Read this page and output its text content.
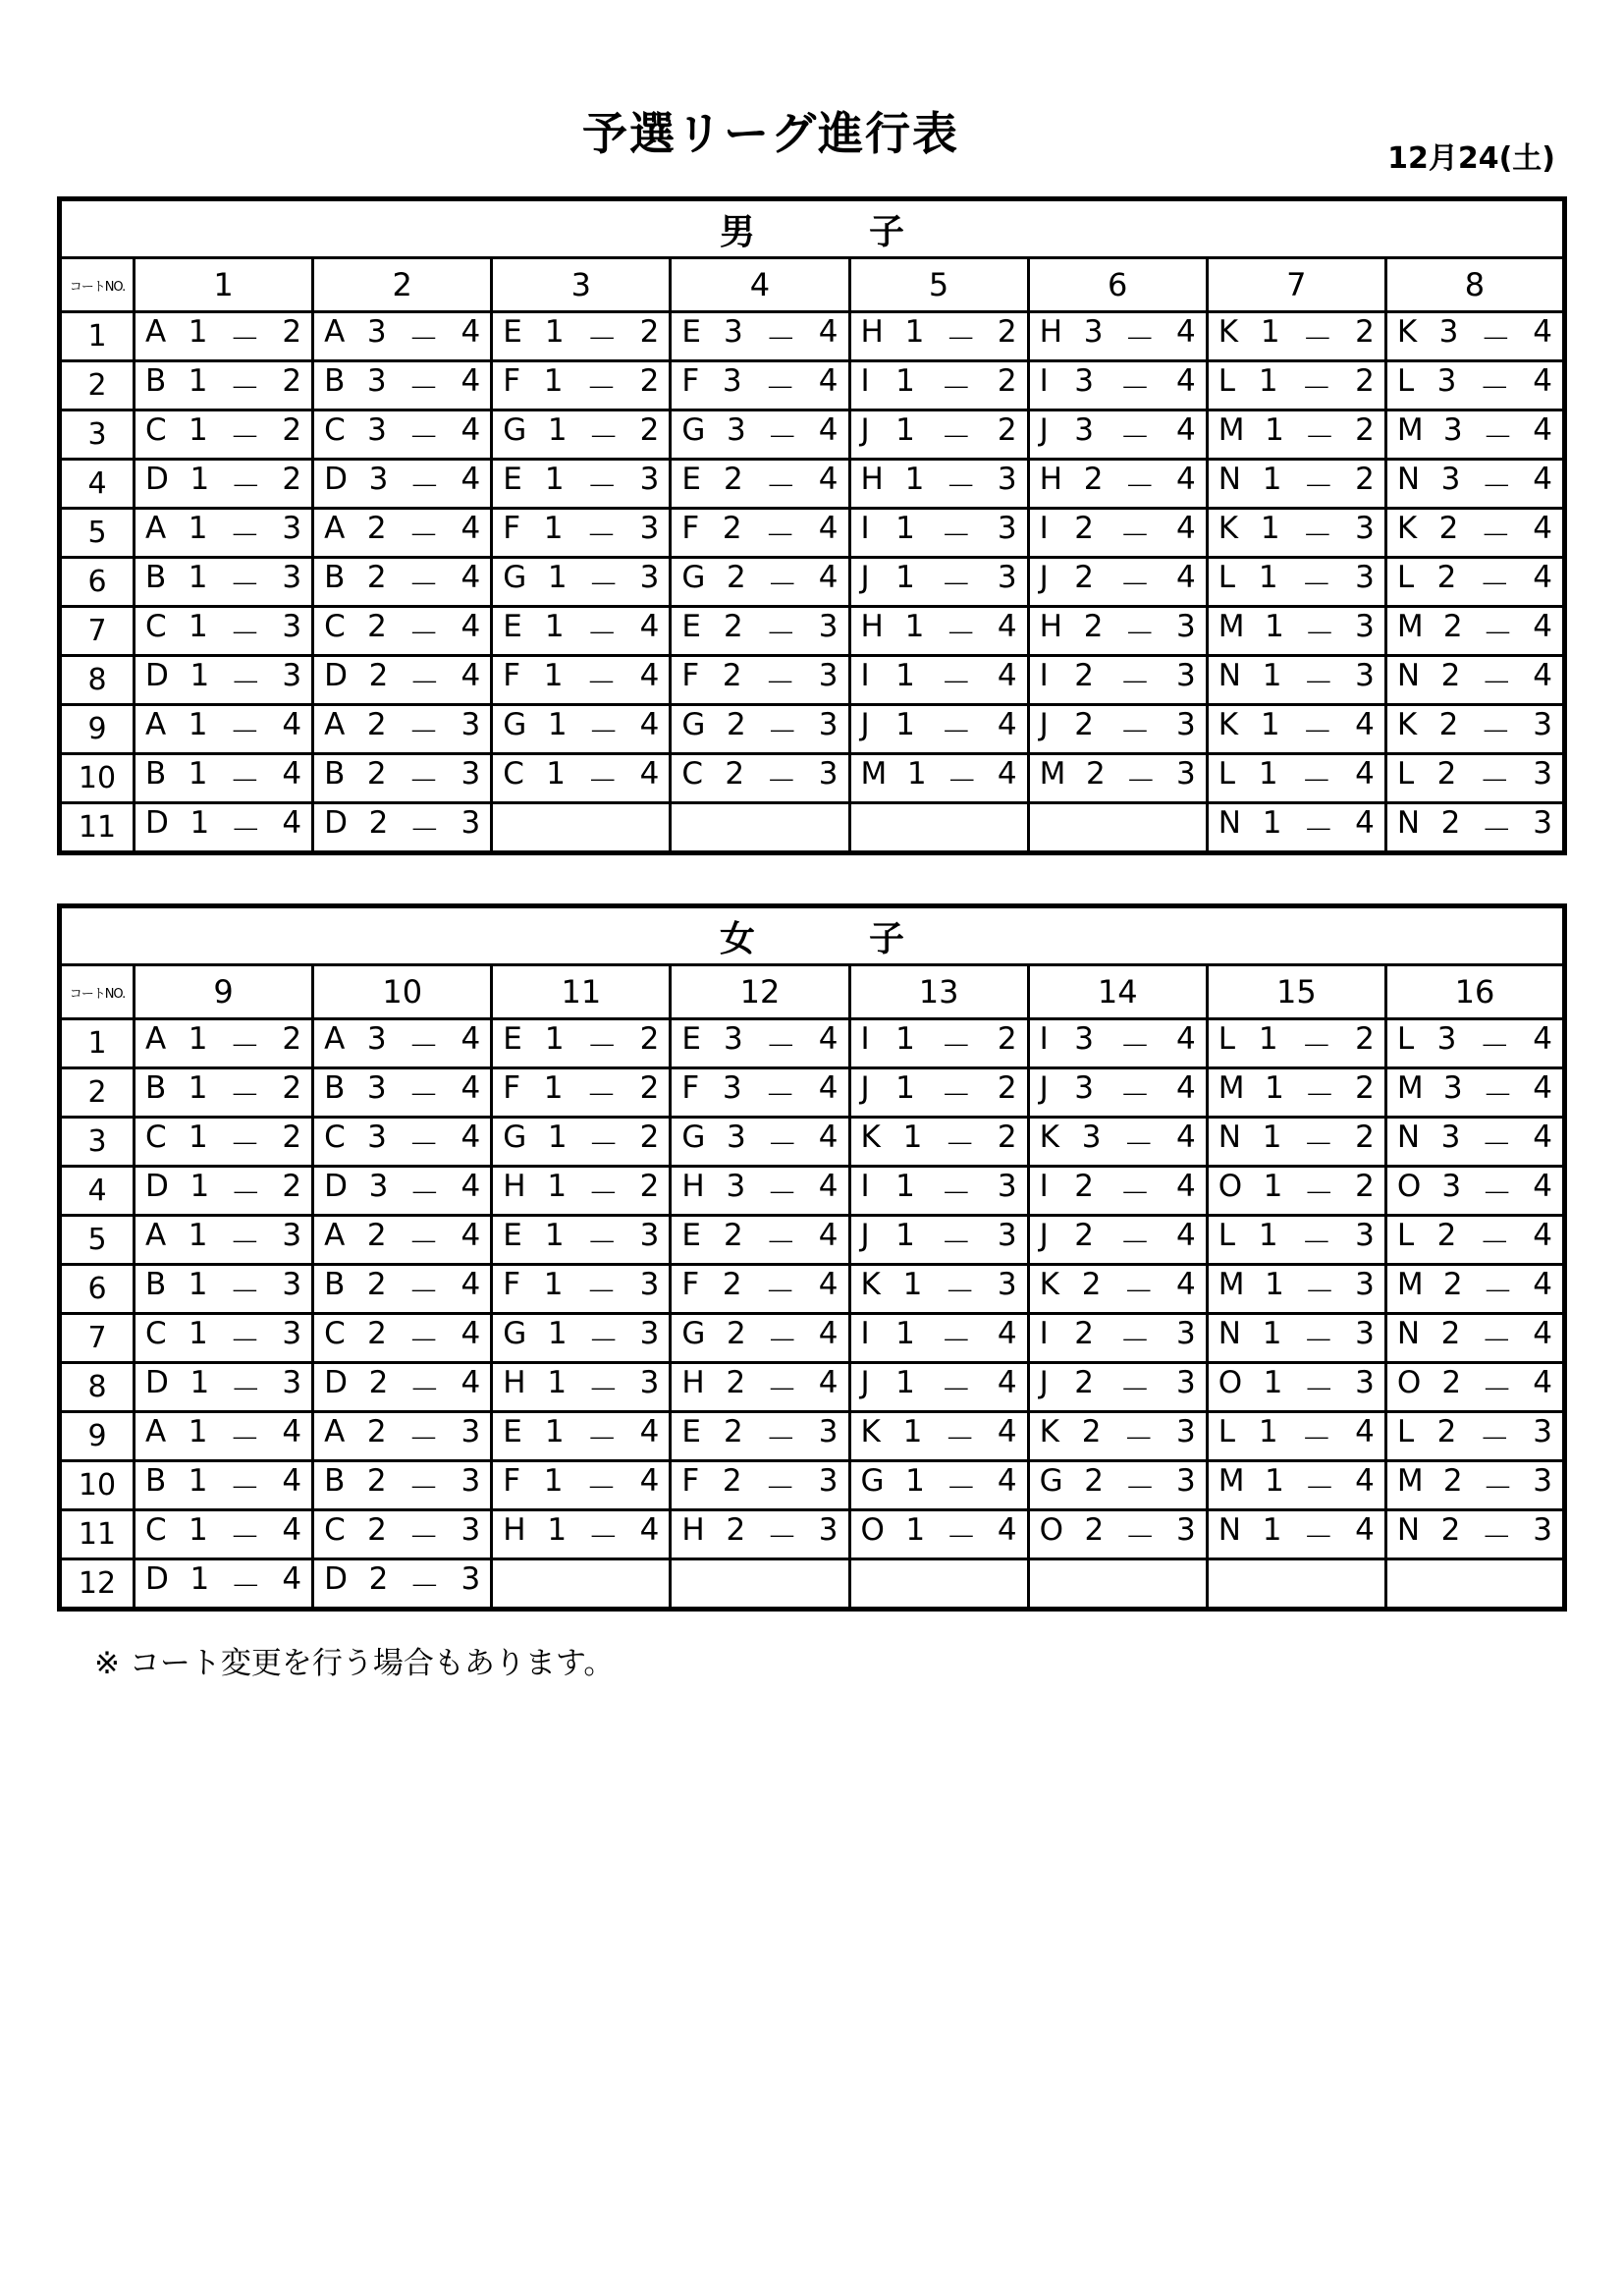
予選リーグ進行表	12月24(土)
男　子								
コートNO.	1	2	3	4	5	6	7	8
1	A 1 － 2	A 3 － 4	E 1 － 2	E 3 － 4	H 1 － 2	H 3 － 4	K 1 － 2	K 3 － 4

2	B 1 － 2	B 3 － 4	F 1 － 2	F 3 － 4	I 1 － 2	I 3 － 4	L 1 － 2	L 3 － 4

3	C 1 － 2	C 3 － 4	G 1 － 2	G 3 － 4	J 1 － 2	J 3 － 4	M 1 － 2	M 3 － 4

4	D 1 － 2	D 3 － 4	E 1 － 3	E 2 － 4	H 1 － 3	H 2 － 4	N 1 － 2	N 3 － 4

5	A 1 － 3	A 2 － 4	F 1 － 3	F 2 － 4	I 1 － 3	I 2 － 4	K 1 － 3	K 2 － 4

6	B 1 － 3	B 2 － 4	G 1 － 3	G 2 － 4	J 1 － 3	J 2 － 4	L 1 － 3	L 2 － 4

7	C 1 － 3	C 2 － 4	E 1 － 4	E 2 － 3	H 1 － 4	H 2 － 3	M 1 － 3	M 2 － 4

8	D 1 － 3	D 2 － 4	F 1 － 4	F 2 － 3	I 1 － 4	I 2 － 3	N 1 － 3	N 2 － 4

9	A 1 － 4	A 2 － 3	G 1 － 4	G 2 － 3	J 1 － 4	J 2 － 3	K 1 － 4	K 2 － 3

10	B 1 － 4	B 2 － 3	C 1 － 4	C 2 － 3	M 1 － 4	M 2 － 3	L 1 － 4	L 2 － 3

11	D 1 － 4	D 2 － 3					N 1 － 4	N 2 － 3
女　子								
コートNO.	9	10	11	12	13	14	15	16
1	A 1 － 2	A 3 － 4	E 1 － 2	E 3 － 4	I 1 － 2	I 3 － 4	L 1 － 2	L 3 － 4

2	B 1 － 2	B 3 － 4	F 1 － 2	F 3 － 4	J 1 － 2	J 3 － 4	M 1 － 2	M 3 － 4

3	C 1 － 2	C 3 － 4	G 1 － 2	G 3 － 4	K 1 － 2	K 3 － 4	N 1 － 2	N 3 － 4

4	D 1 － 2	D 3 － 4	H 1 － 2	H 3 － 4	I 1 － 3	I 2 － 4	O 1 － 2	O 3 － 4

5	A 1 － 3	A 2 － 4	E 1 － 3	E 2 － 4	J 1 － 3	J 2 － 4	L 1 － 3	L 2 － 4

6	B 1 － 3	B 2 － 4	F 1 － 3	F 2 － 4	K 1 － 3	K 2 － 4	M 1 － 3	M 2 － 4

7	C 1 － 3	C 2 － 4	G 1 － 3	G 2 － 4	I 1 － 4	I 2 － 3	N 1 － 3	N 2 － 4

8	D 1 － 3	D 2 － 4	H 1 － 3	H 2 － 4	J 1 － 4	J 2 － 3	O 1 － 3	O 2 － 4

9	A 1 － 4	A 2 － 3	E 1 － 4	E 2 － 3	K 1 － 4	K 2 － 3	L 1 － 4	L 2 － 3

10	B 1 － 4	B 2 － 3	F 1 － 4	F 2 － 3	G 1 － 4	G 2 － 3	M 1 － 4	M 2 － 3

11	C 1 － 4	C 2 － 3	H 1 － 4	H 2 － 3	O 1 － 4	O 2 － 3	N 1 － 4	N 2 － 3

12	D 1 － 4	D 2 － 3						

※ コート変更を行う場合もあります。
